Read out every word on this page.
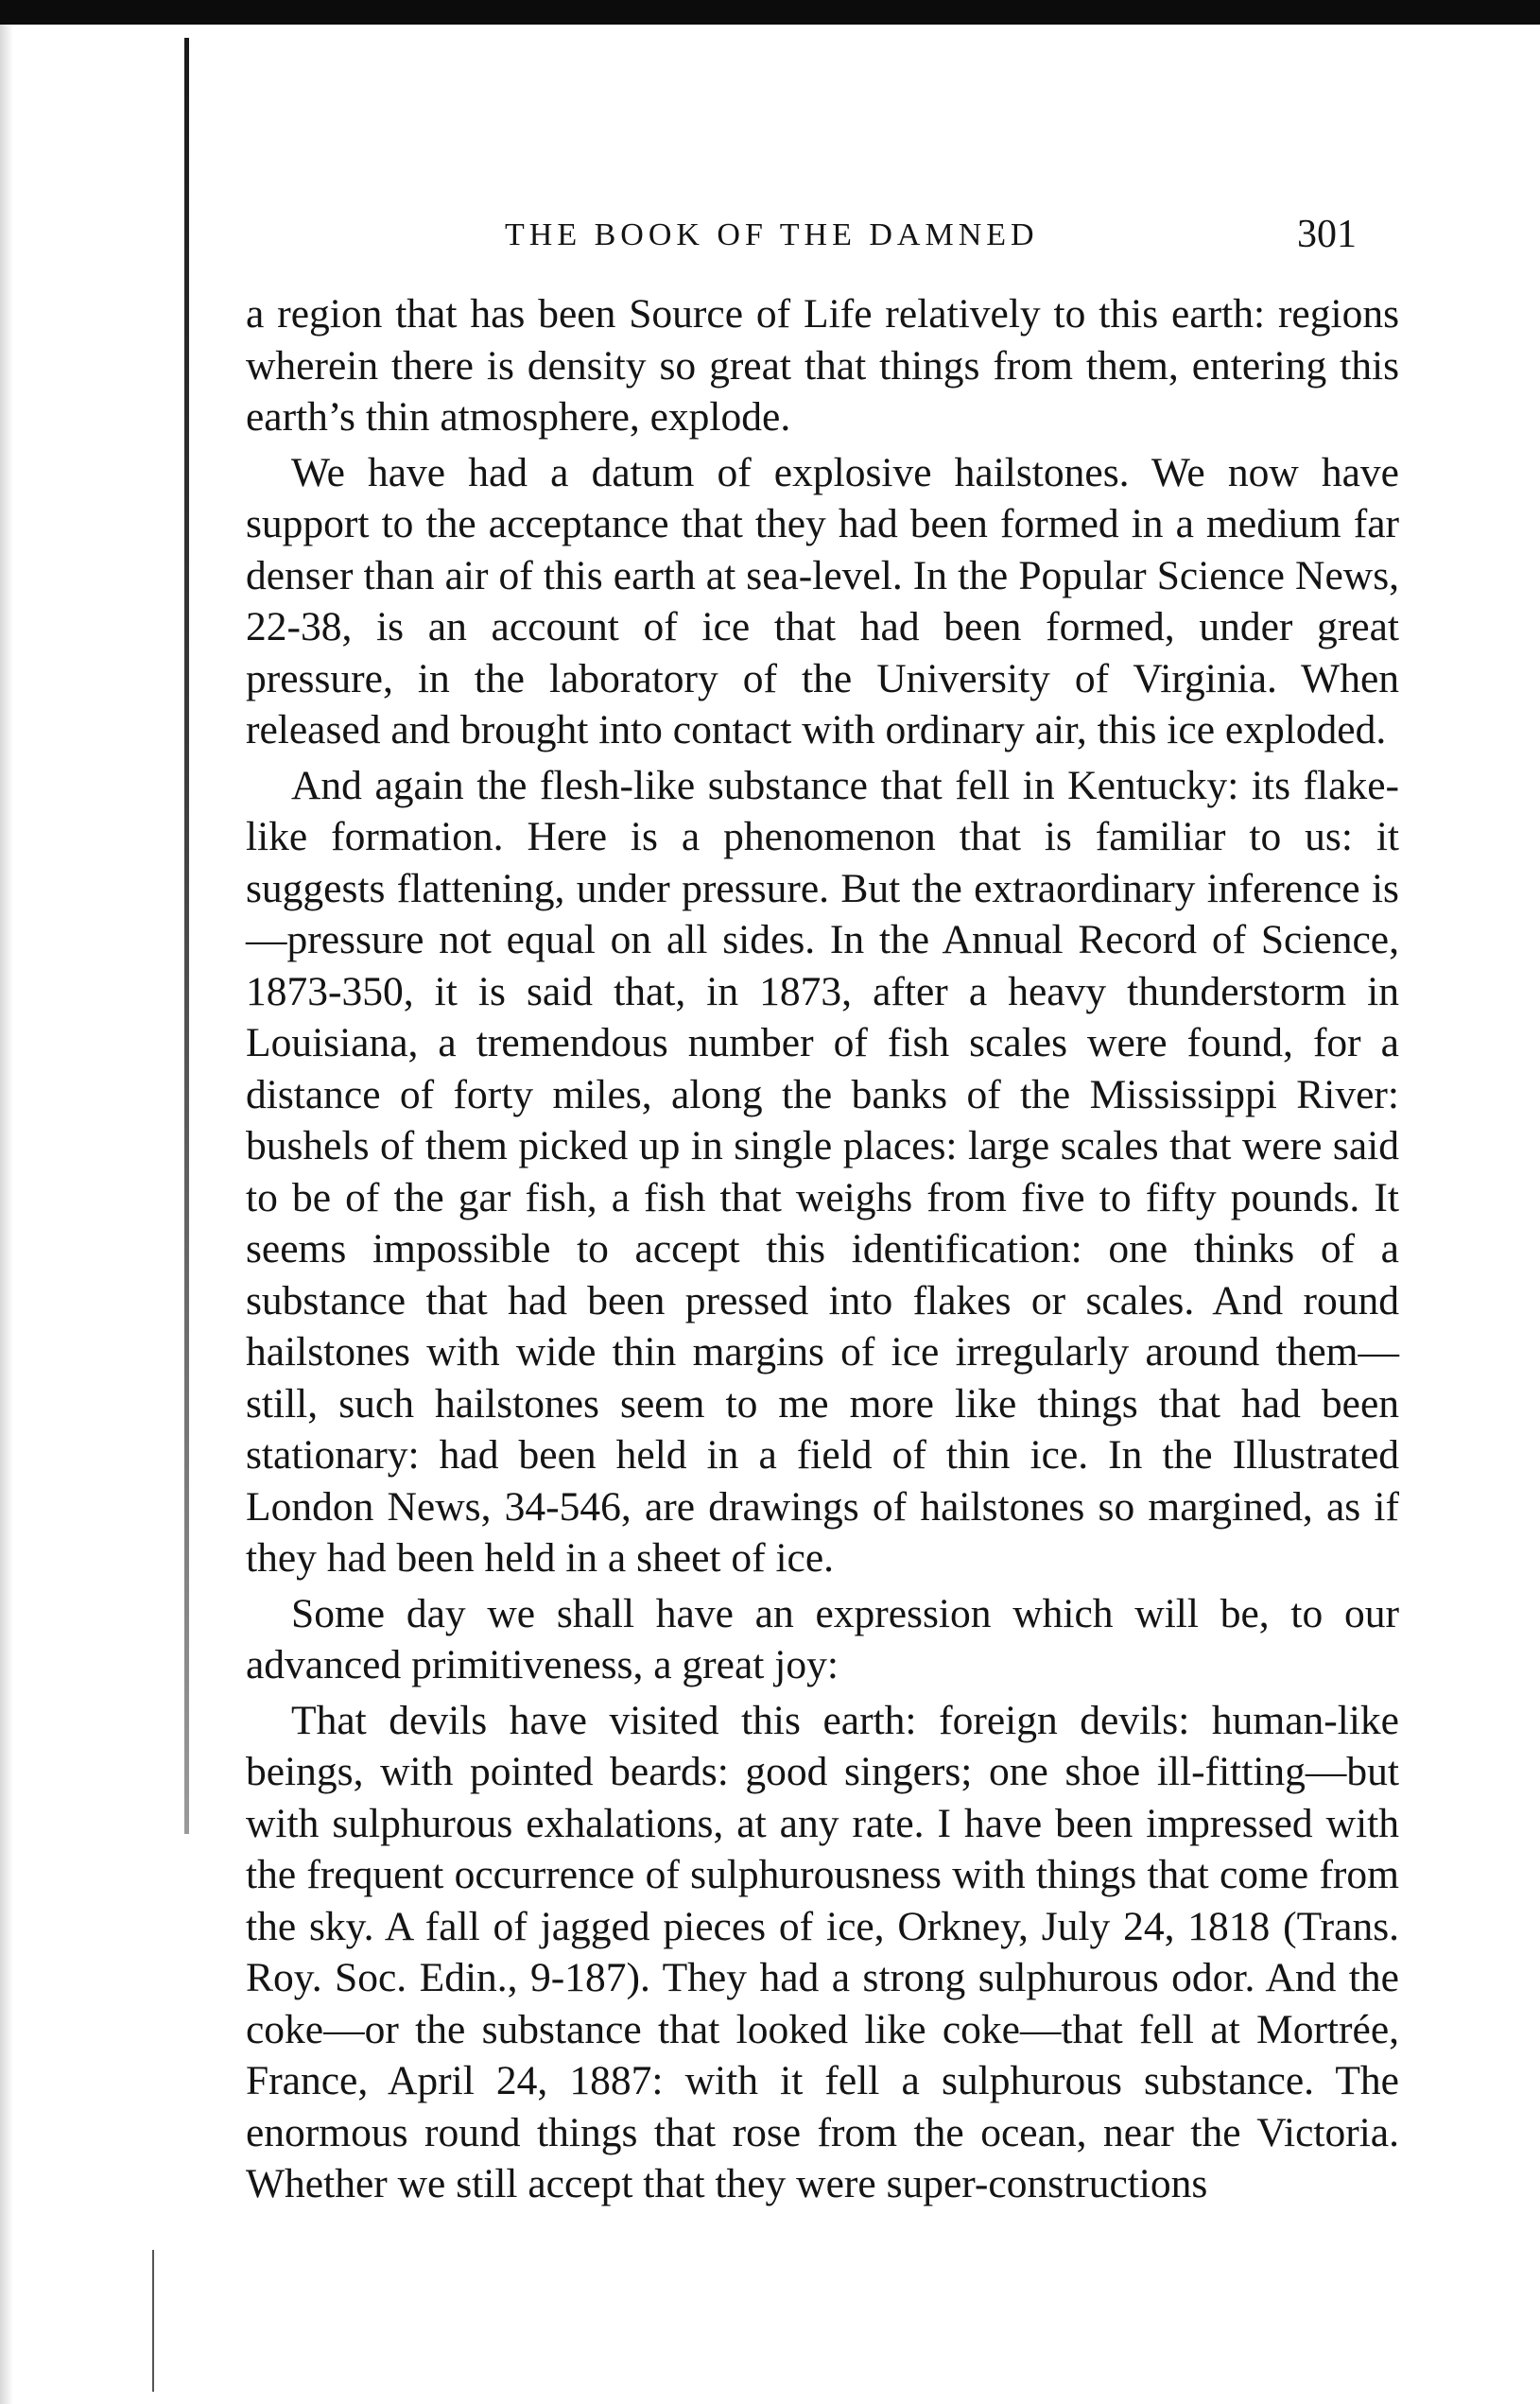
THE BOOK OF THE DAMNED	301

a region that has been Source of Life relatively to this earth: regions wherein there is density so great that things from them, entering this earth’s thin atmosphere, explode.

We have had a datum of explosive hailstones. We now have support to the acceptance that they had been formed in a medium far denser than air of this earth at sea-level. In the Popular Science News, 22-38, is an account of ice that had been formed, under great pressure, in the laboratory of the University of Virginia. When released and brought into contact with ordinary air, this ice exploded.

And again the flesh-like substance that fell in Kentucky: its flake-like formation. Here is a phenomenon that is familiar to us: it suggests flattening, under pressure. But the extraordinary inference is—pressure not equal on all sides. In the Annual Record of Science, 1873-350, it is said that, in 1873, after a heavy thunderstorm in Louisiana, a tremendous number of fish scales were found, for a distance of forty miles, along the banks of the Mississippi River: bushels of them picked up in single places: large scales that were said to be of the gar fish, a fish that weighs from five to fifty pounds. It seems impossible to accept this identification: one thinks of a substance that had been pressed into flakes or scales. And round hailstones with wide thin margins of ice irregularly around them—still, such hailstones seem to me more like things that had been stationary: had been held in a field of thin ice. In the Illustrated London News, 34-546, are drawings of hailstones so margined, as if they had been held in a sheet of ice.

Some day we shall have an expression which will be, to our advanced primitiveness, a great joy:

That devils have visited this earth: foreign devils: human-like beings, with pointed beards: good singers; one shoe ill-fitting—but with sulphurous exhalations, at any rate. I have been impressed with the frequent occurrence of sulphurousness with things that come from the sky. A fall of jagged pieces of ice, Orkney, July 24, 1818 (Trans. Roy. Soc. Edin., 9-187). They had a strong sulphurous odor. And the coke—or the substance that looked like coke—that fell at Mortrée, France, April 24, 1887: with it fell a sulphurous substance. The enormous round things that rose from the ocean, near the Victoria. Whether we still accept that they were super-constructions
